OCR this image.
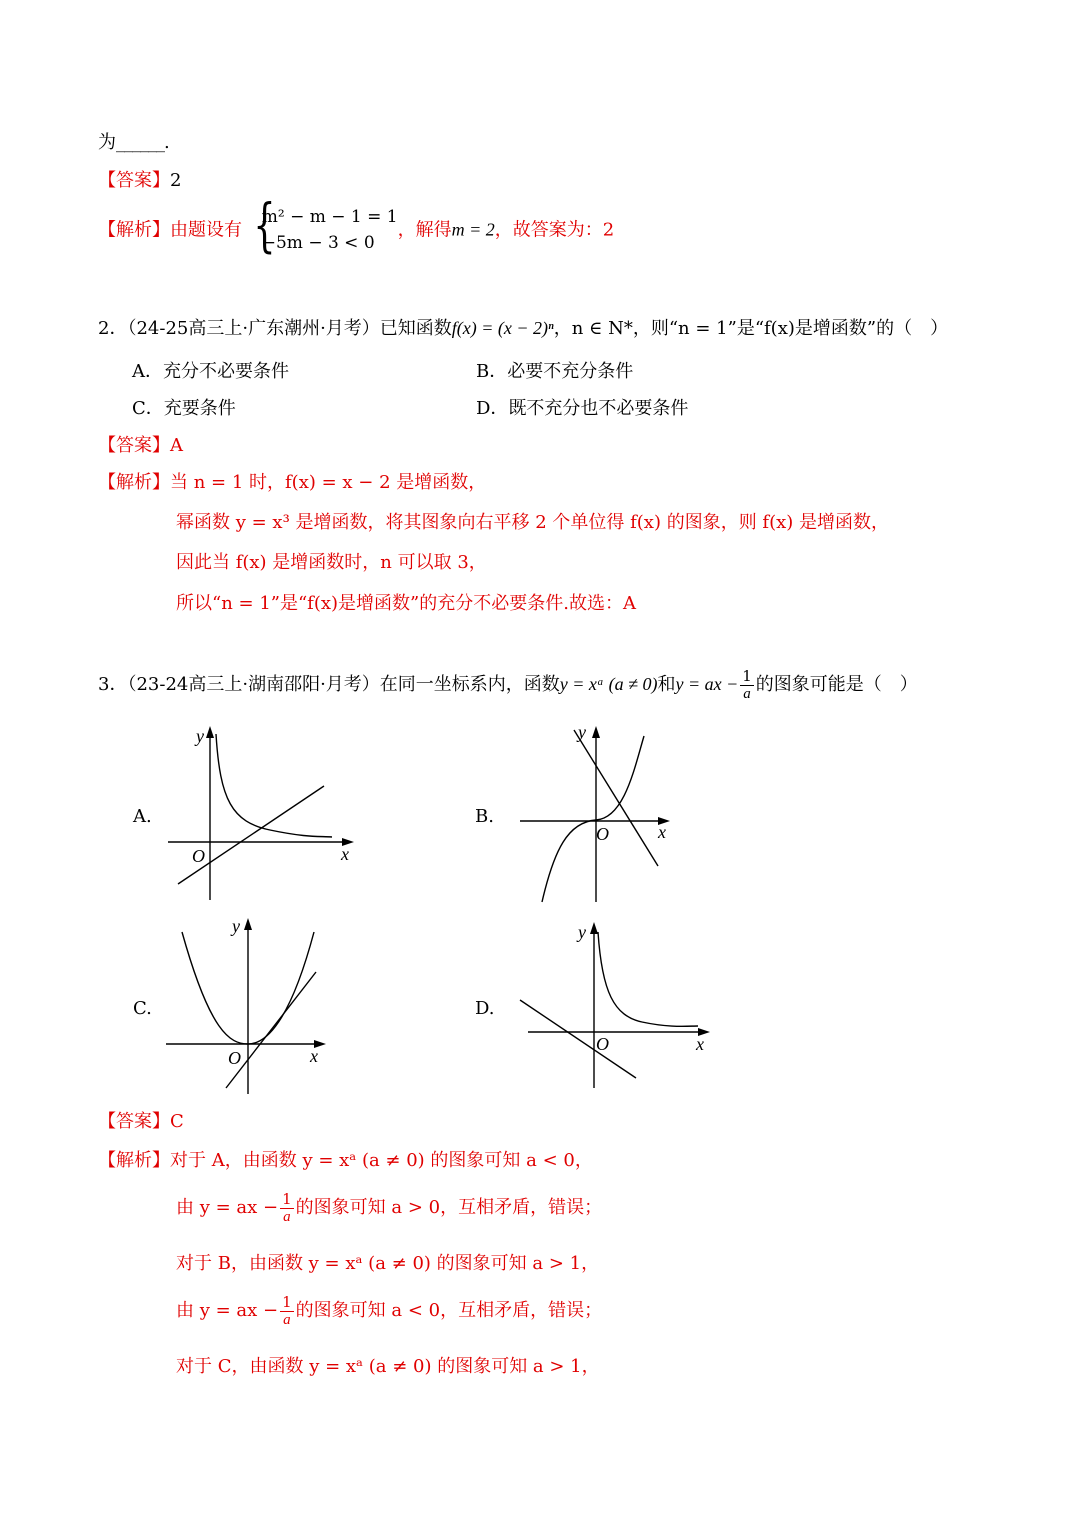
为______.
【答案】2
【解析】由题设有
{ m² − m − 1 = 1
−5m − 3 < 0
，解得m = 2，故答案为：2
2．（24-25高三上·广东潮州·月考）已知函数f(x) = (x − 2)ⁿ，n ∈ N*，则“n = 1”是“f(x)是增函数”的（　）
A．充分不必要条件	B．必要不充分条件
C．充要条件	D．既不充分也不必要条件
【答案】A
【解析】当 n = 1 时，f(x) = x − 2 是增函数，
幂函数 y = x³ 是增函数，将其图象向右平移 2 个单位得 f(x) 的图象，则 f(x) 是增函数，
因此当 f(x) 是增函数时，n 可以取 3，
所以“n = 1”是“f(x)是增函数”的充分不必要条件.故选：A
3．（23-24高三上·湖南邵阳·月考）在同一坐标系内，函数y = xᵃ (a ≠ 0)和y = ax − $\frac{1}{a}$ 的图象可能是（　）
A.
O
y
x
B.
O
y
x
C.
O
y
x
D.
O
y
x
【答案】C
【解析】对于 A，由函数 y = xᵃ (a ≠ 0) 的图象可知 a < 0，
由 y = ax − $\frac{1}{a}$ 的图象可知 a > 0，互相矛盾，错误；
对于 B，由函数 y = xᵃ (a ≠ 0) 的图象可知 a > 1，
由 y = ax − $\frac{1}{a}$ 的图象可知 a < 0，互相矛盾，错误；
对于 C，由函数 y = xᵃ (a ≠ 0) 的图象可知 a > 1，
